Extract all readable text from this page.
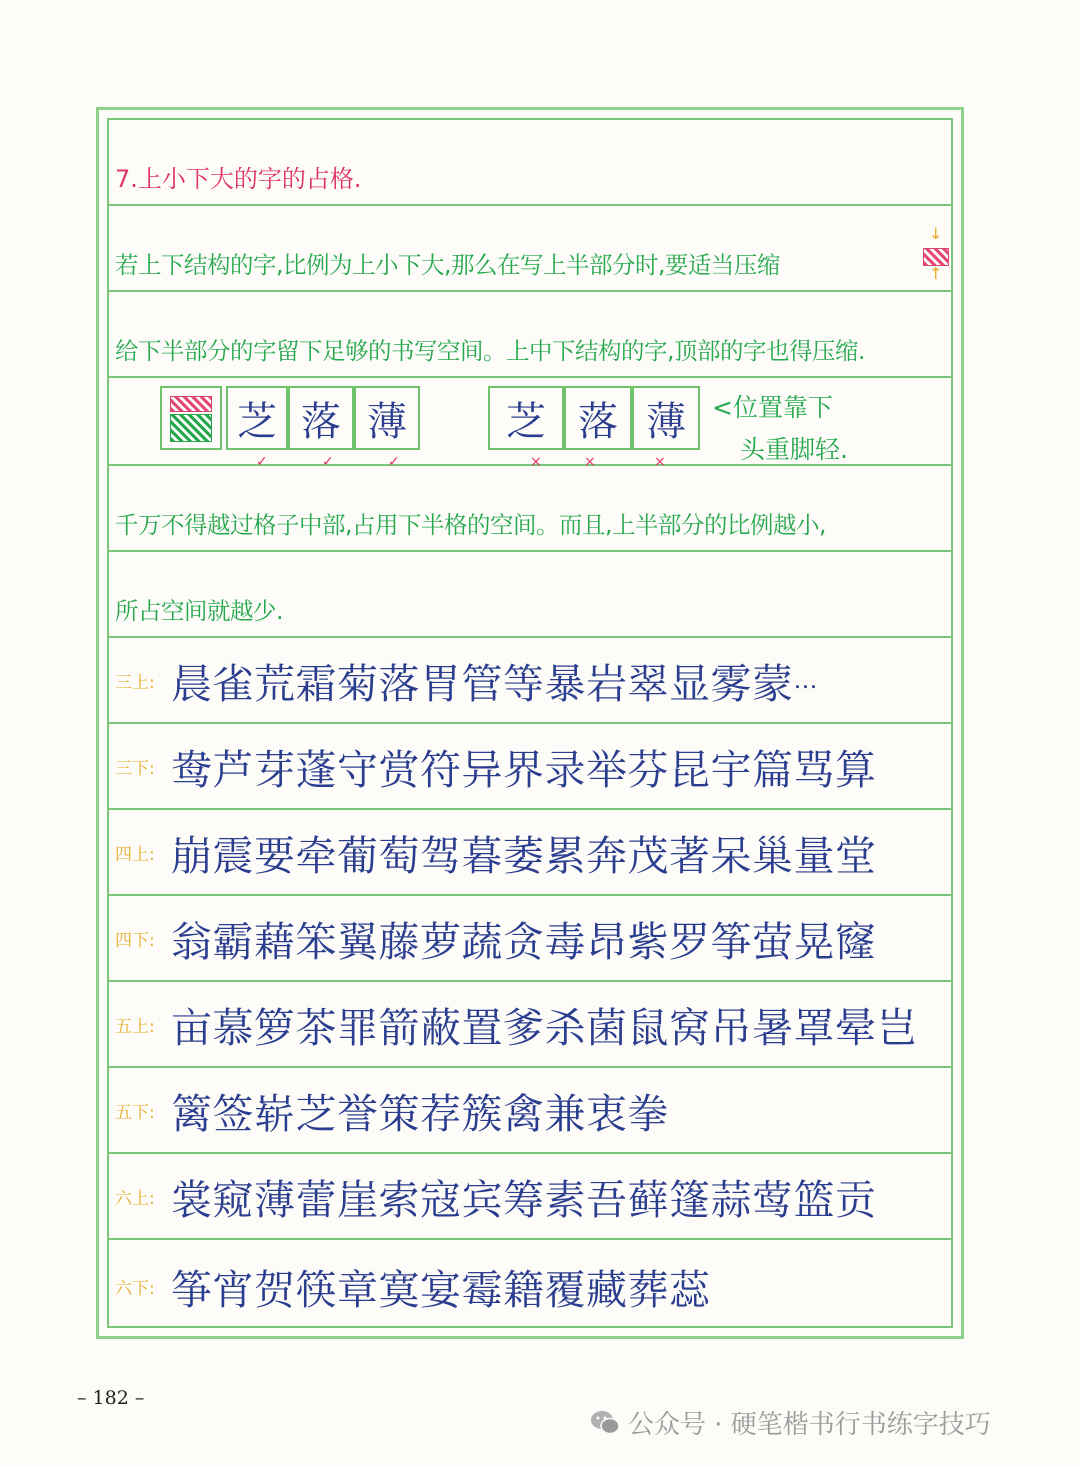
7.上小下大的字的占格.
若上下结构的字,比例为上小下大,那么在写上半部分时,要适当压缩
↓
↑
给下半部分的字留下足够的书写空间。上中下结构的字,顶部的字也得压缩.
千万不得越过格子中部,占用下半格的空间。而且,上半部分的比例越小,
所占空间就越少.
三上: 晨雀荒霜菊落胃管等暴岩翠显雾蒙 …
三下: 鸯芦芽蓬守赏符异界录举芬昆宇篇骂算
四上: 崩震要牵葡萄驾暮萎累奔茂著呆巢量堂
四下: 翁霸藉笨翼藤萝蔬贪毒昂紫罗筝萤晃窿
五上: 亩慕箩茶罪箭蔽置爹杀菌鼠窝吊暑罩晕岂
五下: 篱签崭芝誉策荐簇禽兼衷拳
六上: 裳窥薄蕾崖索寇宾筹素吾藓篷蒜莺篮贡
六下: 筝宵贺筷章寞宴霉籍覆藏葬蕊
芝 落 薄	芝 落 薄
✓	✓	✓	×	×	×
<位置靠下
头重脚轻.
– 182 –
公众号 · 硬笔楷书行书练字技巧
